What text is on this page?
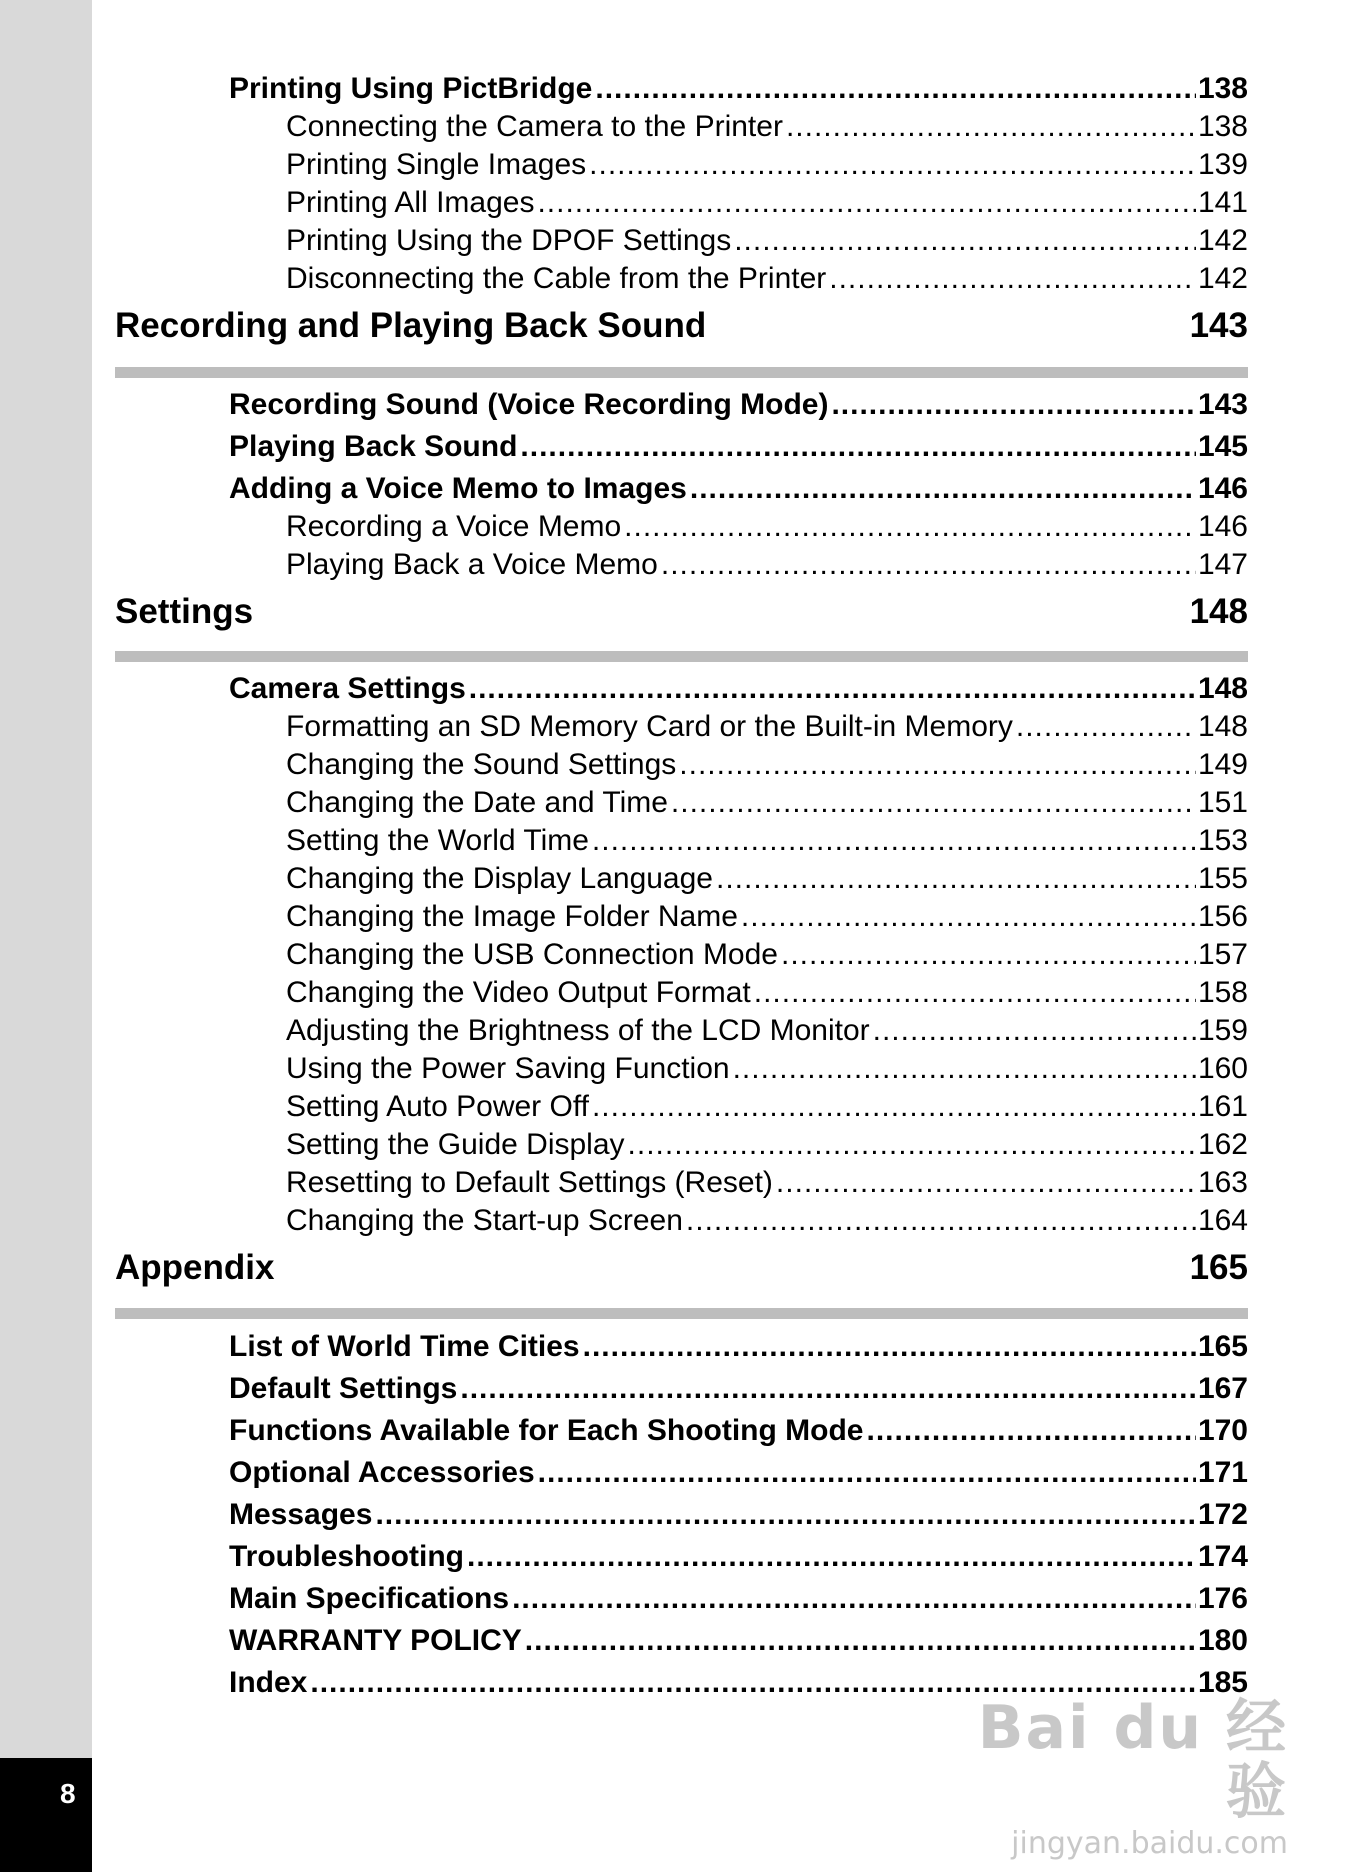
8
Printing Using PictBridge .....	138
Connecting the Camera to the Printer .....	138
Printing Single Images .....	139
Printing All Images .....	141
Printing Using the DPOF Settings .....	142
Disconnecting the Cable from the Printer .....	142
Recording and Playing Back Sound	143
Recording Sound (Voice Recording Mode) .....	143
Playing Back Sound .....	145
Adding a Voice Memo to Images .....	146
Recording a Voice Memo .....	146
Playing Back a Voice Memo .....	147
Settings	148
Camera Settings .....	148
Formatting an SD Memory Card or the Built-in Memory .....	148
Changing the Sound Settings .....	149
Changing the Date and Time .....	151
Setting the World Time .....	153
Changing the Display Language .....	155
Changing the Image Folder Name .....	156
Changing the USB Connection Mode .....	157
Changing the Video Output Format .....	158
Adjusting the Brightness of the LCD Monitor .....	159
Using the Power Saving Function .....	160
Setting Auto Power Off .....	161
Setting the Guide Display .....	162
Resetting to Default Settings (Reset) .....	163
Changing the Start-up Screen .....	164
Appendix	165
List of World Time Cities .....	165
Default Settings .....	167
Functions Available for Each Shooting Mode .....	170
Optional Accessories .....	171
Messages .....	172
Troubleshooting .....	174
Main Specifications .....	176
WARRANTY POLICY .....	180
Index .....	185
Bai du 经验
jingyan.baidu.com
